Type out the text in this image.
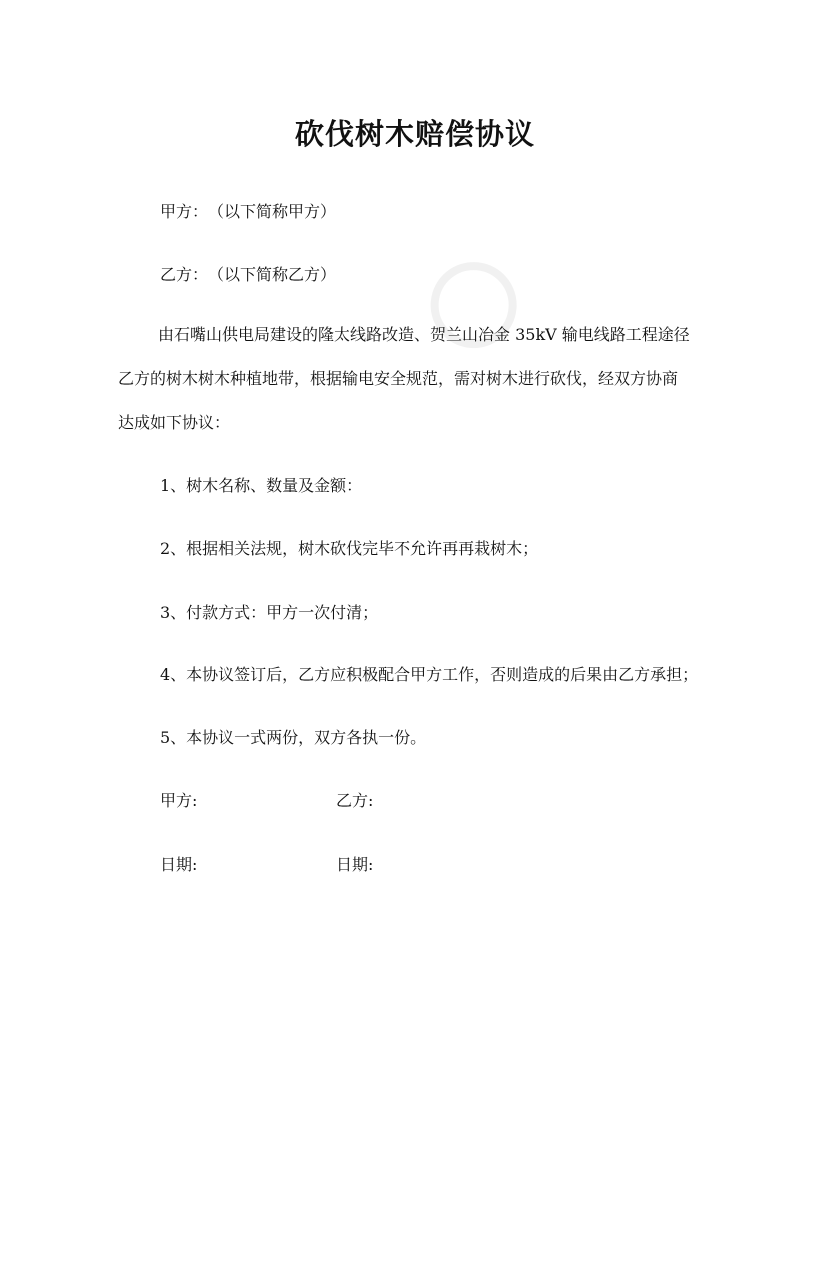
砍伐树木赔偿协议
甲方：　（以下简称甲方）
乙方：　（以下简称乙方）
由石嘴山供电局建设的隆太线路改造、贺兰山冶金 35kV 输电线路工程途径
乙方的树木树木种植地带，根据输电安全规范，需对树木进行砍伐，经双方协商
达成如下协议：
1、树木名称、数量及金额：
2、根据相关法规，树木砍伐完毕不允许再再栽树木；
3、付款方式：甲方一次付清；
4、本协议签订后，乙方应积极配合甲方工作，否则造成的后果由乙方承担；
5、本协议一式两份，双方各执一份。
甲方:	乙方:
日期:	日期:
